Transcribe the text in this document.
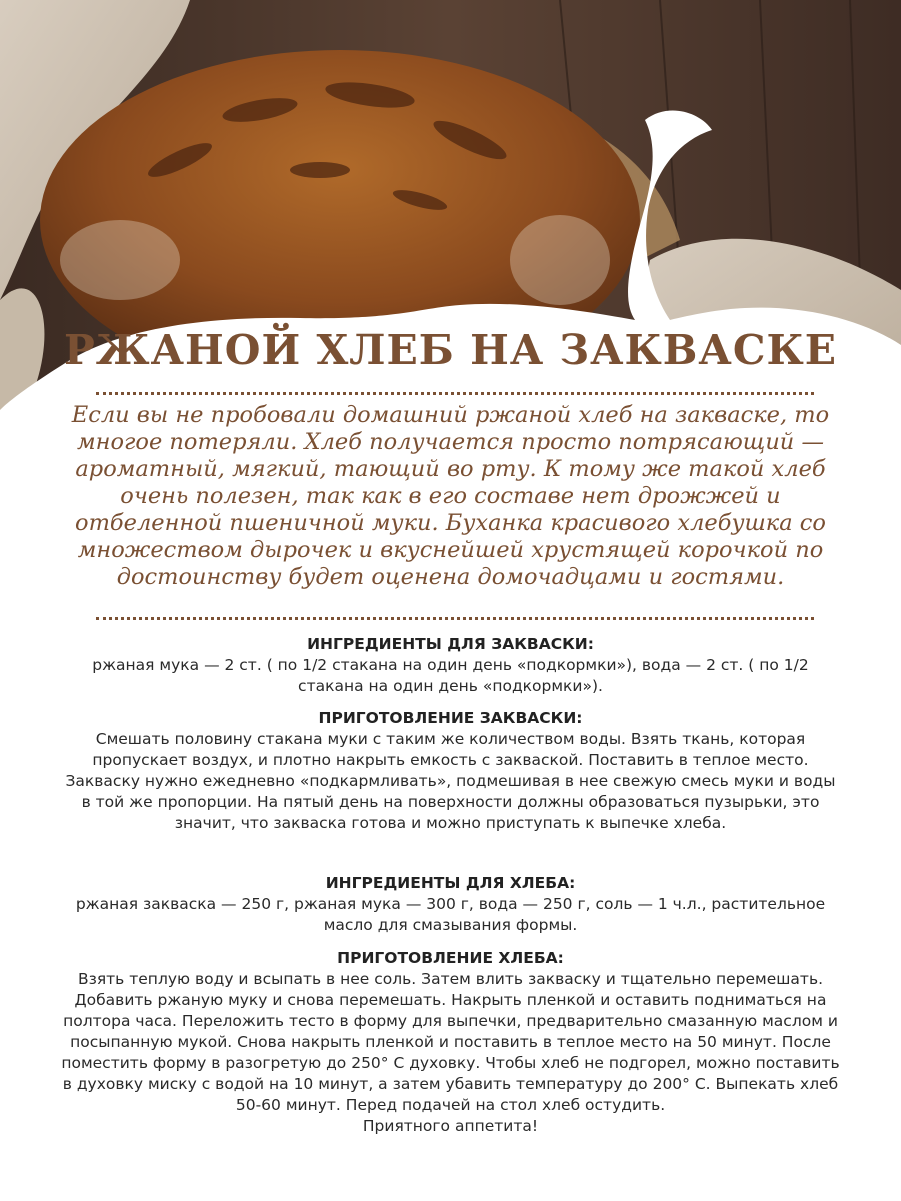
РЖАНОЙ ХЛЕБ НА ЗАКВАСКЕ

Если вы не пробовали домашний ржаной хлеб на закваске, то многое потеряли. Хлеб получается просто потрясающий — ароматный, мягкий, тающий во рту. К тому же такой хлеб очень полезен, так как в его составе нет дрожжей и отбеленной пшеничной муки. Буханка красивого хлебушка со множеством дырочек и вкуснейшей хрустящей корочкой по достоинству будет оценена домочадцами и гостями.

ИНГРЕДИЕНТЫ ДЛЯ ЗАКВАСКИ:

ржаная мука — 2 ст. ( по 1/2 стакана на один день «подкормки»), вода — 2 ст. ( по 1/2 стакана на один день «подкормки»).

ПРИГОТОВЛЕНИЕ ЗАКВАСКИ:

Смешать половину стакана муки с таким же количеством воды. Взять ткань, которая пропускает воздух, и плотно накрыть емкость с закваской. Поставить в теплое место. Закваску нужно ежедневно «подкармливать», подмешивая в нее свежую смесь муки и воды в той же пропорции. На пятый день на поверхности должны образоваться пузырьки, это значит, что закваска готова и можно приступать к выпечке хлеба.

ИНГРЕДИЕНТЫ ДЛЯ ХЛЕБА:

ржаная закваска — 250 г, ржаная мука — 300 г, вода — 250 г, соль — 1 ч.л., растительное масло для смазывания формы.

ПРИГОТОВЛЕНИЕ ХЛЕБА:

Взять теплую воду и всыпать в нее соль. Затем влить закваску и тщательно перемешать. Добавить ржаную муку и снова перемешать. Накрыть пленкой и оставить подниматься на полтора часа. Переложить тесто в форму для выпечки, предварительно смазанную маслом и посыпанную мукой. Снова накрыть пленкой и поставить в теплое место на 50 минут. После поместить форму в разогретую до 250° С духовку. Чтобы хлеб не подгорел, можно поставить в духовку миску с водой на 10 минут, а затем убавить температуру до 200° С. Выпекать хлеб 50-60 минут. Перед подачей на стол хлеб остудить.

Приятного аппетита!
